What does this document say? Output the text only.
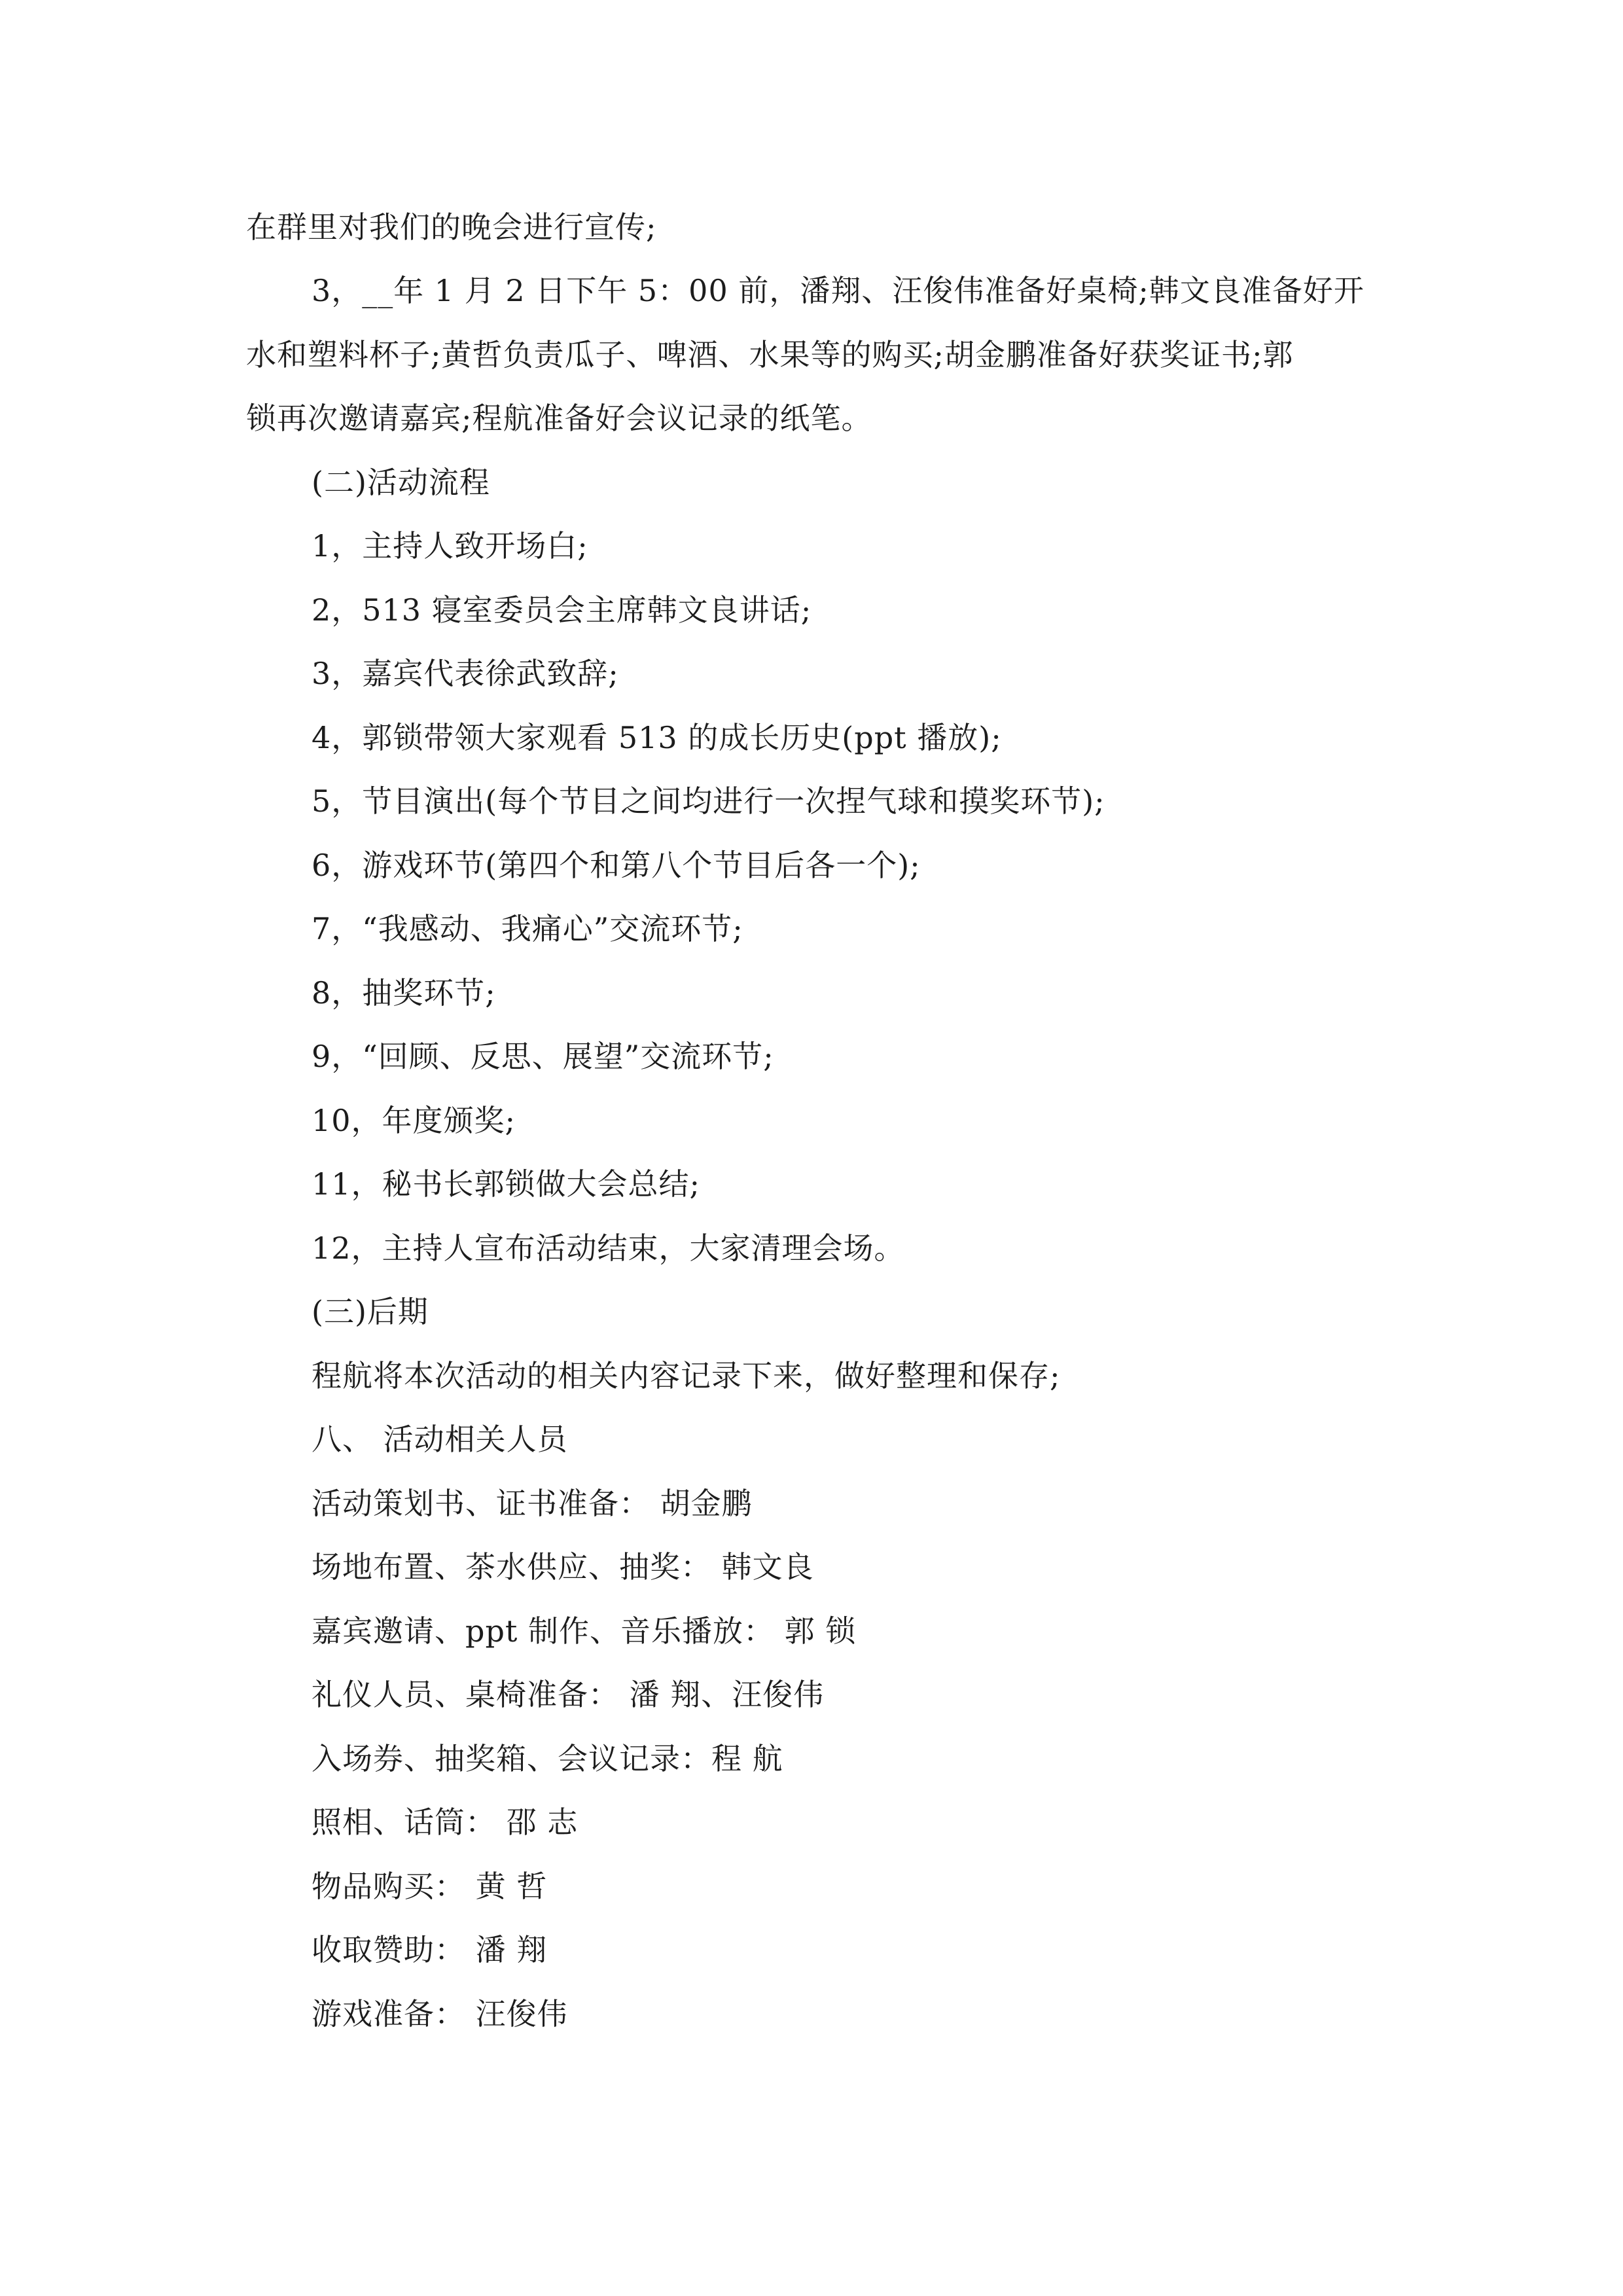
在群里对我们的晚会进行宣传;
3，__年 1 月 2 日下午 5：00 前，潘翔、汪俊伟准备好桌椅;韩文良准备好开
水和塑料杯子;黄哲负责瓜子、啤酒、水果等的购买;胡金鹏准备好获奖证书;郭
锁再次邀请嘉宾;程航准备好会议记录的纸笔。
(二)活动流程
1，主持人致开场白;
2，513 寝室委员会主席韩文良讲话;
3，嘉宾代表徐武致辞;
4，郭锁带领大家观看 513 的成长历史(ppt 播放);
5，节目演出(每个节目之间均进行一次捏气球和摸奖环节);
6，游戏环节(第四个和第八个节目后各一个);
7，“我感动、我痛心”交流环节;
8，抽奖环节;
9，“回顾、反思、展望”交流环节;
10，年度颁奖;
11，秘书长郭锁做大会总结;
12，主持人宣布活动结束，大家清理会场。
(三)后期
程航将本次活动的相关内容记录下来，做好整理和保存;
八、 活动相关人员
活动策划书、证书准备： 胡金鹏
场地布置、茶水供应、抽奖： 韩文良
嘉宾邀请、ppt 制作、音乐播放： 郭 锁
礼仪人员、桌椅准备： 潘 翔、汪俊伟
入场券、抽奖箱、会议记录：程 航
照相、话筒： 邵 志
物品购买： 黄 哲
收取赞助： 潘 翔
游戏准备： 汪俊伟
